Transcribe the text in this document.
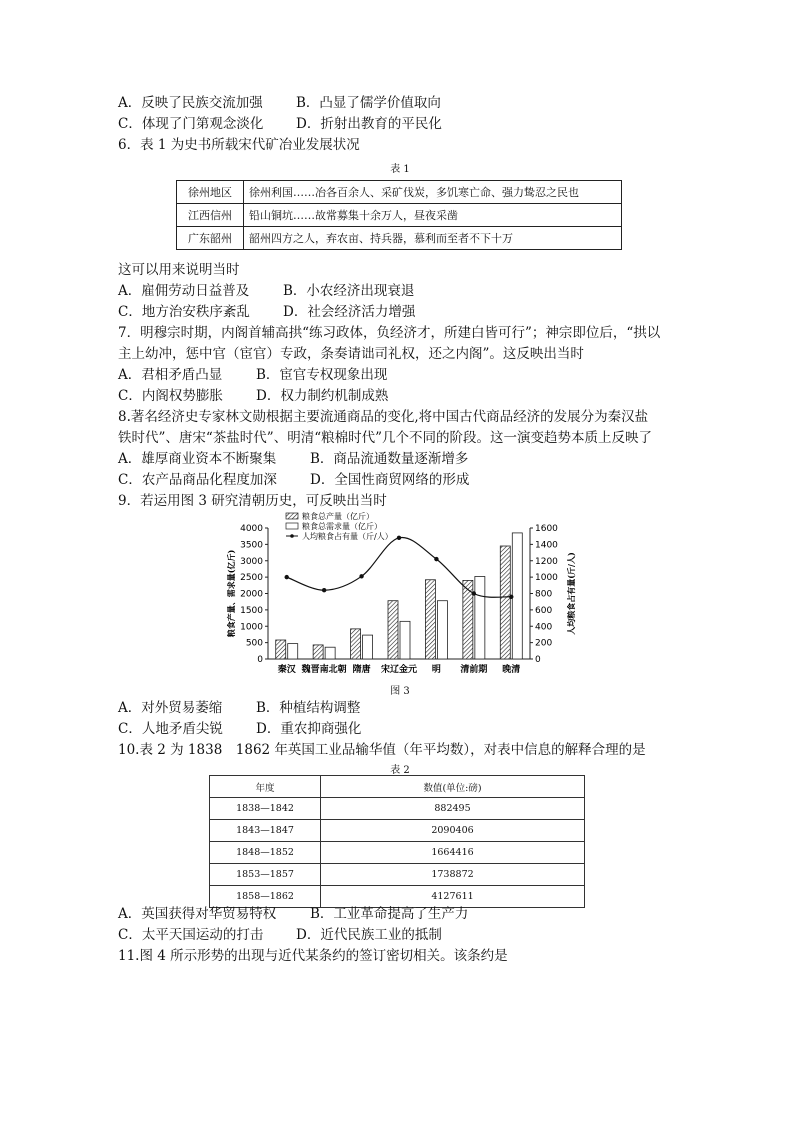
A．反映了民族交流加强 B．凸显了儒学价值取向
C．体现了门第观念淡化 D．折射出教育的平民化
6．表 1 为史书所载宋代矿冶业发展状况
表 1
徐州地区	徐州利国……冶各百余人、采矿伐炭，多饥寒亡命、强力鸷忍之民也
江西信州	铅山铜坑……故常募集十余万人，昼夜采凿
广东韶州	韶州四方之人，弃农亩、持兵器，慕利而至者不下十万
这可以用来说明当时
A．雇佣劳动日益普及	B．小农经济出现衰退
C．地方治安秩序紊乱 D．社会经济活力增强
7．明穆宗时期，内阁首辅高拱“练习政体，负经济才，所建白皆可行”；神宗即位后，“拱以
主上幼冲，惩中官（宦官）专政，条奏请诎司礼权，还之内阁”。这反映出当时
A．君相矛盾凸显	B．宦官专权现象出现
C．内阁权势膨胀 D．权力制约机制成熟
8.著名经济史专家林文勋根据主要流通商品的变化,将中国古代商品经济的发展分为秦汉盐
铁时代”、唐宋“茶盐时代”、明清“粮棉时代”几个不同的阶段。这一演变趋势本质上反映了
A．雄厚商业资本不断聚集	B．商品流通数量逐渐增多
C．农产品商品化程度加深 D．全国性商贸网络的形成
9．若运用图 3 研究清朝历史，可反映出当时
4000
3500
3000
2500
2000
1500
1000
500
0
1600
1400
1200
1000
800
600
400
200
0
粮食产量、需求量(亿斤)	人均粮食占有量(斤/人)
秦汉 魏晋南北朝 隋唐 宋辽金元 明 清前期 晚清
粮食总产量（亿斤）
粮食总需求量（亿斤）
人均粮食占有量（斤/人）
图 3
A．对外贸易萎缩	B．种植结构调整
C．人地矛盾尖锐 D．重农抑商强化
10.表 2 为 1838　1862 年英国工业品输华值（年平均数），对表中信息的解释合理的是
表 2
年度	数值(单位:磅)
1838—1842	882495
1843—1847	2090406
1848—1852	1664416
1853—1857	1738872
1858—1862	4127611
A．英国获得对华贸易特权	B．工业革命提高了生产力
C．太平天国运动的打击 D．近代民族工业的抵制
11.图 4 所示形势的出现与近代某条约的签订密切相关。该条约是
